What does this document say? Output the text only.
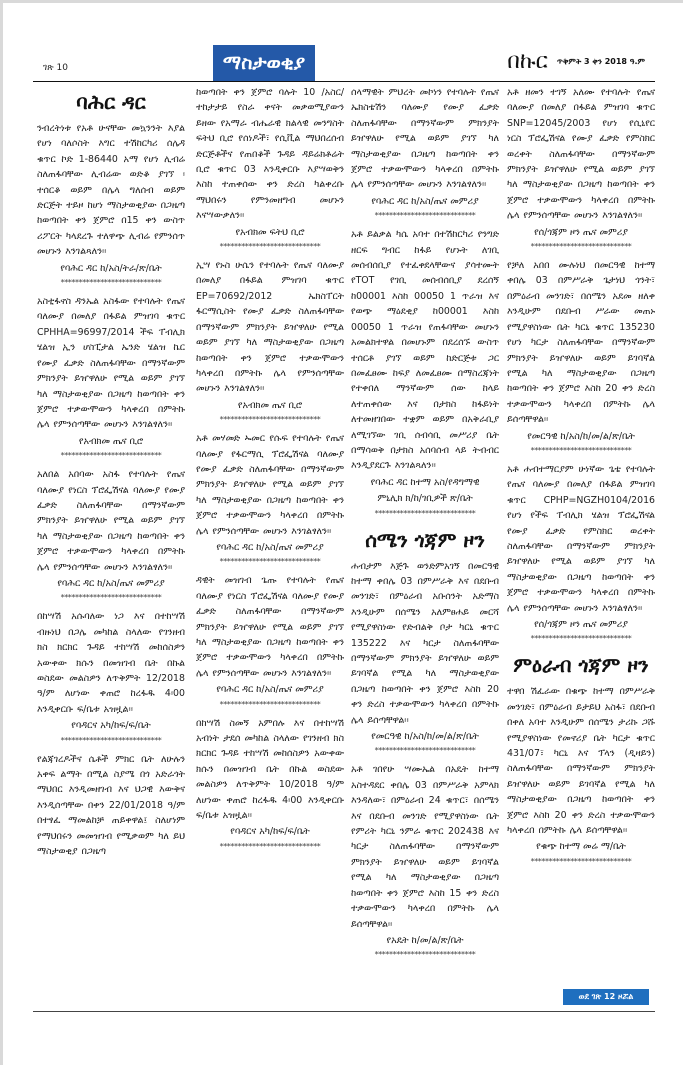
ገጽ 10	ማስታወቂያ	በኩር ጥቅምት 3 ቀን 2018 ዓ.ም
ባሕር ዳር
ንብረትነቱ የአቶ ሁናቸው መኳንንት እያል የሆነ ባለሶስት እግር ተሽከርካሪ ሰሌዳ ቁጥር ኮድ 1-86440 አማ የሆነ ሊብሬ ስለጠፋባቸው ሊብሬው ወድቆ ያገኘ ፡ተሰርቆ ወይም በሌላ ግለሰብ ወይም ድርጅት ተይዞ ከሆነ ማስታወቂያው በጋዜጣ ከወጣበት ቀን ጀምሮ በ15 ቀን ውስጥ ሪፖርት ካላደረጉ ተለዋጭ ሊብሬ የምንሰጥ መሆኑን እንገልጻለን፡፡
የባሕር ዳር ከ/አስ/ትራ/ጽ/ቤት
****************************
አስቲፋኖስ ዳንኤል አስፋው የተባሉት የጤና ባለሙያ በመለያ በፋይል ምዝገባ ቁጥር CPHHA=96997/2014 ችፍ ፐብሊክ ሄልዝ ኢን ሆስፒታል ኤንድ ሄልዝ ኬር የሙያ ፈቃድ ስለጠፋባቸው በማንኛውም ምክንያት ይዠዋለሁ የሚል ወይም ያገኘ ካለ ማስታወቂያው በጋዜጣ ከወጣበት ቀን ጀምሮ ተቃውሞውን ካላቀረበ በምትኩ ሌላ የምንሰጣቸው መሆኑን እንገልፃለን፡፡
የአብክመ ጤና ቢሮ
****************************
አለበል አበባው አስፋ የተባሉት የጤና ባለሙያ የነርስ ፕሮፌሽናል ባለሙያ የሙያ ፈቃድ ስለጠፋባቸው በማንኛውም ምክንያት ይዠዋለሁ የሚል ወይም ያገኘ ካለ ማስታወቂያው በጋዜጣ ከወጣበት ቀን ጀምሮ ተቃውሞውን ካላቀረበ በምትኩ ሌላ የምንሰጣቸው መሆኑን እንገልፃለን፡፡
የባሕር ዳር ከ/አስ/ጤና መምሪያ
****************************
በከሣሽ አሱባለው ነጋ እና በተከሣሽ ብዙነህ በጋሌ መካከል ስላለው የገንዘብ ክስ ክርክር ጉዳይ ተከሣሽ መከሰስዎን አውቀው ክሱን በመዝገብ ቤት በኩል ወስደው መልስዎን ለጥቅምት 12/2018 ዓ/ም ለሆነው ቀጠሮ ከረፋዱ 4፡00 እንዲቀርቡ ፍ/ቤቱ አዝዟል፡፡
የባዳርና አካ/ከፍ/ፍ/ቤት
****************************
የልጃገረዶችና ሴቶች ምክር ቤት ለሁሉን አቀፍ ልማት በሚል ስያሜ በጎ አድራጎት ማህበር እንዲመዘገብ እና ህጋዊ እውቅና እንዲሰጣቸው በቀን 22/01/2018 ዓ/ም በተፃፈ ማመልከቻ ጠይቀዋል፤ ስለሆነም የማህበሩን መመዝገብ የሚቃወም ካለ ይህ ማስታወቂያ በጋዜጣ
ከወጣበት ቀን ጀምሮ ባሉት 10 /አስር/ ተከታታይ የስራ ቀናት መቃወሚያውን ይዘው የአማራ ብሔራዊ ክልላዊ መንግስት ፍትህ ቢሮ የሰነዶች፣ የሲቪል ማህበረሰብ ድርጅቶችና የጠበቆች ጉዳይ ዳይሬክቶሬት ቢሮ ቁጥር 03 እንዲቀርቡ እያሣወቅን እስከ ተጠቀሰው ቀን ድረስ ካልቀረቡ ማህበሩን የምንመዘግብ መሆኑን እናሣውቃለን፡፡
የአብክመ ፍትህ ቢሮ
****************************
ኢሣ የኑስ ሁሴን የተባሉት የጤና ባለሙያ በመለያ በፋይል ምዝገባ ቁጥር EP=70692/2012 ኤክስፐርት ፋርማሲስት የሙያ ፈቃድ ስለጠፋባቸው በማንኛውም ምክንያት ይዠዋለሁ የሚል ወይም ያገኘ ካለ ማስታወቂያው በጋዜጣ ከወጣበት ቀን ጀምሮ ተቃውሞውን ካላቀረበ በምትኩ ሌላ የምንሰጣቸው መሆኑን እንገልፃለን፡፡
የአብክመ ጤና ቢሮ
****************************
አቶ መሃመድ ኡመር የሱፍ የተባሉት የጤና ባለሙያ የፋርማሲ ፕሮፌሽናል ባለሙያ የሙያ ፈቃድ ስለጠፋባቸው በማንኛውም ምክንያት ይዠዋለሁ የሚል ወይም ያገኘ ካለ ማስታወቂያው በጋዜጣ ከወጣበት ቀን ጀምሮ ተቃውሞውን ካላቀረበ በምትኩ ሌላ የምንሰጣቸው መሆኑን እንገልፃለን፡፡
የባሕር ዳር ከ/አስ/ጤና መምሪያ
****************************
ዳዊት መዝገብ ጌጡ የተባሉት የጤና ባለሙያ የነርስ ፕሮፌሽናል ባለሙያ የሙያ ፈቃድ ስለጠፋባቸው በማንኛውም ምክንያት ይዠዋለሁ የሚል ወይም ያገኘ ካለ ማስታወቂያው በጋዜጣ ከወጣበት ቀን ጀምሮ ተቃውሞውን ካላቀረበ በምትኩ ሌላ የምንሰጣቸው መሆኑን እንገልፃለን፡፡
የባሕር ዳር ከ/አስ/ጤና መምሪያ
****************************
በከሣሽ ስመኝ አምበሉ እና በተከሣሽ አብነት ታደሰ መካከል ስላለው የገንዘብ ክስ ክርክር ጉዳይ ተከሣሽ መከሰስዎን አውቀው ክሱን በመዝገብ ቤት በኩል ወስደው መልስዎን ለጥቅምት 10/2018 ዓ/ም ለሆነው ቀጠሮ ከረፋዱ 4፡00 እንዲቀርቡ ፍ/ቤቱ አዝዟል፡፡
የባዳርና አካ/ከፍ/ፍ/ቤት
****************************
ሰላማዊት ምህረት መኮነን የተባሉት የጤና ኤክስቴሽን ባለሙያ የሙያ ፈቃድ ስለጠፋባቸው በማንኛውም ምክንያት ይዠዋለሁ የሚል ወይም ያገኘ ካለ ማስታወቂያው በጋዜጣ ከወጣበት ቀን ጀምሮ ተቃውሞውን ካላቀረበ በምትኩ ሌላ የምንሰጣቸው መሆኑን እንገልፃለን፡፡
የባሕር ዳር ከ/አስ/ጤና መምሪያ
****************************
አቶ ይልቃል ካሴ አባተ በተሽከርካሪ የንግድ ዘርፍ ግብር ከፋይ የሆኑት ለገቢ መሰብሰቢያ የተፈቀደላቸውና ያሳተሙት የTOT የገቢ መሰብሰቢያ ደረሰኝ ከ00001 እስከ 00050 1 ጥራዝ እና የወጭ ማዕደቂያ ከ00001 እስከ 00050 1 ጥራዝ የጠፋባቸው መሆኑን አመልክተዋል በመሆኑም በደረሰኙ ውስጥ ተሰርቶ ያገኘ ወይም ከድርጅቱ ጋር በመፈፀሙ ከፍያ ለመፈፀሙ በማስረጃነት የተቀበለ ማንኛውም ሰው ከላይ ለተጠቀሰው እና በታክስ ከፋይነት ለተመዘገበው ተቋም ወይም በአቅራቢያ ለሚገኘው ገቢ ሰብሳቢ መሥሪያ ቤት በማሳወቅ በታክስ አሰባሰብ ላይ ትብብር እንዲያደርጉ እንገልጻለን፡፡
የባሕር ዳር ከተማ አስ/የዳግማዊ
ምኒሊክ ክ/ከ/ገቢዎች ጽ/ቤት
****************************
ሰሜን ጎጃም ዞን
ሐብታም እጅጉ ወንድምአገኝ በመርዓዊ ከተማ ቀበሌ 03 በምሥራቅ እና በደቡብ መንገድ፣ በምዕራብ አቡሰንት አድማስ እንዲሁም በሰሜን አለምፀሐይ መርሻ የሚያዋስነው የድብልቅ ቦታ ካርኒ ቁጥር 135222 እና ካርታ ስለጠፋባቸው በማንኛውም ምክንያት ይዠዋለሁ ወይም ይገባኛል የሚል ካለ ማስታወቂያው በጋዜጣ ከወጣበት ቀን ጀምሮ እስከ 20 ቀን ድረስ ተቃውሞውን ካላቀረበ በምትኩ ሌላ ይሰጣቸዋል፡፡
የመርዓዊ ከ/አስ/ከ/መ/ል/ጽ/ቤት
****************************
አቶ ገበየሁ ሣሙኤል በአዴት ከተማ አስተዳደር ቀበሌ 03 በምሥራቅ አምላክ እንዳለው፣ በምዕራብ 24 ቁጥር፣ በሰሜን እና በደቡብ መንገድ የሚያዋስነው ቤት የምሪት ካርኒ ንምራ ቁጥር 202438 እና ካርታ ስለጠፋባቸው በማንኛውም ምክንያት ይዠዋለሁ ወይም ይገባኛል የሚል ካለ ማስታወቂያው በጋዜጣ ከወጣበት ቀን ጀምሮ እስከ 15 ቀን ድረስ ተቃውሞውን ካላቀረበ በምትኩ ሌላ ይሰጣቸዋል፡፡
የአዴት ከ/መ/ል/ጽ/ቤት
****************************
አቶ ዘመን ተገኝ አለሙ የተባሉት የጤና ባለሙያ በመለያ በፋይል ምዝገባ ቁጥር SNP=12045/2003 የሆነ የሲኒየር ነርስ ፕሮፌሽናል የሙያ ፈቃድ የምስክር ወረቀት ስለጠፋባቸው በማንኛውም ምክንያት ይዠዋለሁ የሚል ወይም ያገኘ ካለ ማስታወቂያው በጋዜጣ ከወጣበት ቀን ጀምሮ ተቃውሞውን ካላቀረበ በምትኩ ሌላ የምንሰጣቸው መሆኑን እንገልፃለን፡፡
የሰ/ጎጃም ዞን ጤና መምሪያ
****************************
የቻለ አበበ ሙሉነህ በመርዓዊ ከተማ ቀበሌ 03 በምሥራቅ ጌታነህ ጎንት፣ በምዕራብ መንገድ፣ በሰሜን አደመ ዘለቀ እንዲሁም በደቡብ ሥራው መጠኑ የሚያዋስነው ቤት ካርኒ ቁጥር 135230 የሆነ ካርታ ስለጠፋባቸው በማንኛውም ምክንያት ይዠዋለሁ ወይም ይገባኛል የሚል ካለ ማስታወቂያው በጋዜጣ ከወጣበት ቀን ጀምሮ እስከ 20 ቀን ድረስ ተቃውሞውን ካላቀረበ በምትኩ ሌላ ይሰጣቸዋል፡፡
የመርዓዊ ከ/አስ/ከ/መ/ል/ጽ/ቤት
****************************
አቶ ሐብተማርያም ሁነኛው ጌቴ የተባሉት የጤና ባለሙያ በመለያ በፋይል ምዝገባ ቁጥር CPHP=NGZH0104/2016 የሆነ የችፍ ፐብሊክ ሄልዝ ፕሮፌሽናል የሙያ ፈቃድ የምስክር ወረቀት ስለጠፋባቸው በማንኛውም ምክንያት ይዠዋለሁ የሚል ወይም ያገኘ ካለ ማስታወቂያው በጋዜጣ ከወጣበት ቀን ጀምሮ ተቃውሞውን ካላቀረበ በምትኩ ሌላ የምንሰጣቸው መሆኑን እንገልፃለን፡፡
የሰ/ጎጃም ዞን ጤና መምሪያ
****************************
ምዕራብ ጎጃም ዞን
ተዋበ ሽፈራው በቁጭ ከተማ በምሥራቅ መንገድ፣ በምዕራብ ይታይህ አስፋ፣ በደቡብ በቀለ አባተ እንዲሁም በሰሜን ታሪኩ ጋሹ የሚያዋስነው የመኖሪያ ቤት ካርታ ቁጥር 431/07፣ ካርኒ እና ፕላን (ዲዛይን) ስለጠፋባቸው በማንኛውም ምክንያት ይዠዋለሁ ወይም ይገባኛል የሚል ካለ ማስታወቂያው በጋዜጣ ከወጣበት ቀን ጀምሮ እስከ 20 ቀን ድረስ ተቃውሞውን ካላቀረበ በምትኩ ሌላ ይሰጣቸዋል፡፡
የቁጭ ከተማ መሬ ማ/ቤት
****************************
ወደ ገጽ 12 ዞሯል
